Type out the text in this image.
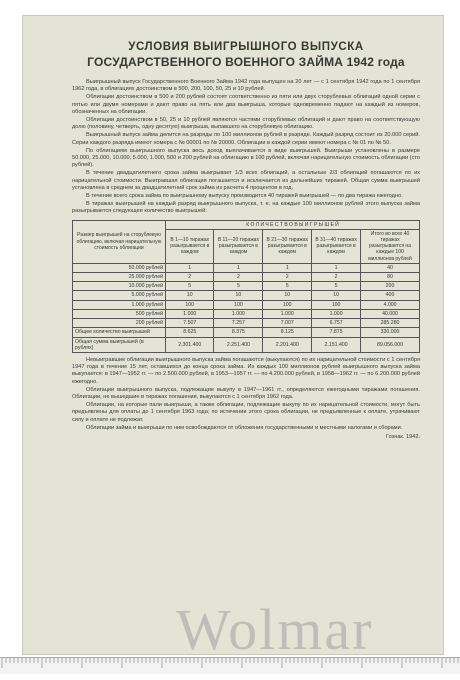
УСЛОВИЯ ВЫИГРЫШНОГО ВЫПУСКА
ГОСУДАРСТВЕННОГО ВОЕННОГО ЗАЙМА 1942 года

Выигрышный выпуск Государственного Военного Займа 1942 года выпущен на 20 лет — с 1 сентября 1942 года по 1 сентября 1962 года, в облигациях достоинством в 500, 200, 100, 50, 25 и 10 рублей.

Облигации достоинством в 500 и 200 рублей состоят соответственно из пяти или двух сторублевых облигаций одной серии с пятью или двумя номерами и дают право на пять или два выигрыша, которые одновременно падают на каждый из номеров, обозначенных на облигации.

Облигации достоинством в 50, 25 и 10 рублей являются частями сторублевых облигаций и дают право на соответствующую долю (половину, четверть, одну десятую) выигрыша, выпавшего на сторублевую облигацию.

Выигрышный выпуск займа делится на разряды по 100 миллионов рублей в разряде. Каждый разряд состоит из 20.000 серий. Серии каждого разряда имеют номера с № 00001 по № 20000. Облигации в каждой серии имеют номера с № 01 по № 50.

По облигациям выигрышного выпуска весь доход выплачивается в виде выигрышей. Выигрыши установлены в размере 50.000, 25.000, 10.000, 5.000, 1.000, 500 и 200 рублей на облигацию в 100 рублей, включая нарицательную стоимость облигации (сто рублей).

В течение двадцатилетнего срока займа выигрывает 1/3 всех облигаций, а остальные 2/3 облигаций погашаются по их нарицательной стоимости. Выигравшая облигация погашается и исключается из дальнейших тиражей. Общая сумма выигрышей установлена в среднем за двадцатилетний срок займа из расчета 4 процентов в год.

В течение всего срока займа по выигрышному выпуску производится 40 тиражей выигрышей — по два тиража ежегодно.

В тиражах выигрышей на каждый разряд выигрышного выпуска, т. е. на каждые 100 миллионов рублей этого выпуска займа разыгрывается следующее количество выигрышей:

Размер выигрышей на сторублевую облигацию, включая нарицательную стоимость облигации	К О Л И Ч Е С Т В О В Ы И Г Р Ы Ш Е Й				
	В 1—10 тиражах разыгрывается в каждом	В 11—20 тиражах разыгрывается в каждом	В 21—30 тиражах разыгрывается в каждом	В 31—40 тиражах разыгрывается в каждом	Итого во всех 40 тиражах разыгрывается на каждые 100 миллионов рублей
50.000 рублей	1	1	1	1	40
25.000 рублей	2	2	2	2	80
10.000 рублей	5	5	5	5	200
5.000 рублей	10	10	10	10	400
1.000 рублей	100	100	100	100	4.000
500 рублей	1.000	1.000	1.000	1.000	40.000
200 рублей	7.507	7.257	7.007	6.757	285.280
Общее количество выигрышей	8.625	8.375	8.125	7.875	330.000
Общая сумма выигрышей (в рублях)	2.301.400	2.251.400	2.201.400	2.151.400	89.056.000

Невыигравшие облигации выигрышного выпуска займа погашаются (выкупаются) по их нарицательной стоимости с 1 сентября 1947 года в течение 15 лет, оставшихся до конца срока займа. Из каждых 100 миллионов рублей выигрышного выпуска займа выкупается: в 1947—1952 гг. — по 2.500.000 рублей, в 1953—1957 гг. — по 4.200.000 рублей, в 1958—1962 гг. — по 6.200.000 рублей ежегодно.

Облигации выигрышного выпуска, подлежащие выкупу в 1947—1961 гг., определяются ежегодными тиражами погашения. Облигации, не вышедшие в тиражах погашения, выкупаются с 1 сентября 1962 года.

Облигации, на которые пали выигрыши, а также облигации, подлежащие выкупу по их нарицательной стоимости, могут быть предъявлены для оплаты до 1 сентября 1963 года; по истечении этого срока облигации, не предъявленные к оплате, утрачивают силу и оплате не подлежат.

Облигации займа и выигрыши по ним освобождаются от обложения государственными и местными налогами и сборами.

Гознак. 1942.
Wolmar
